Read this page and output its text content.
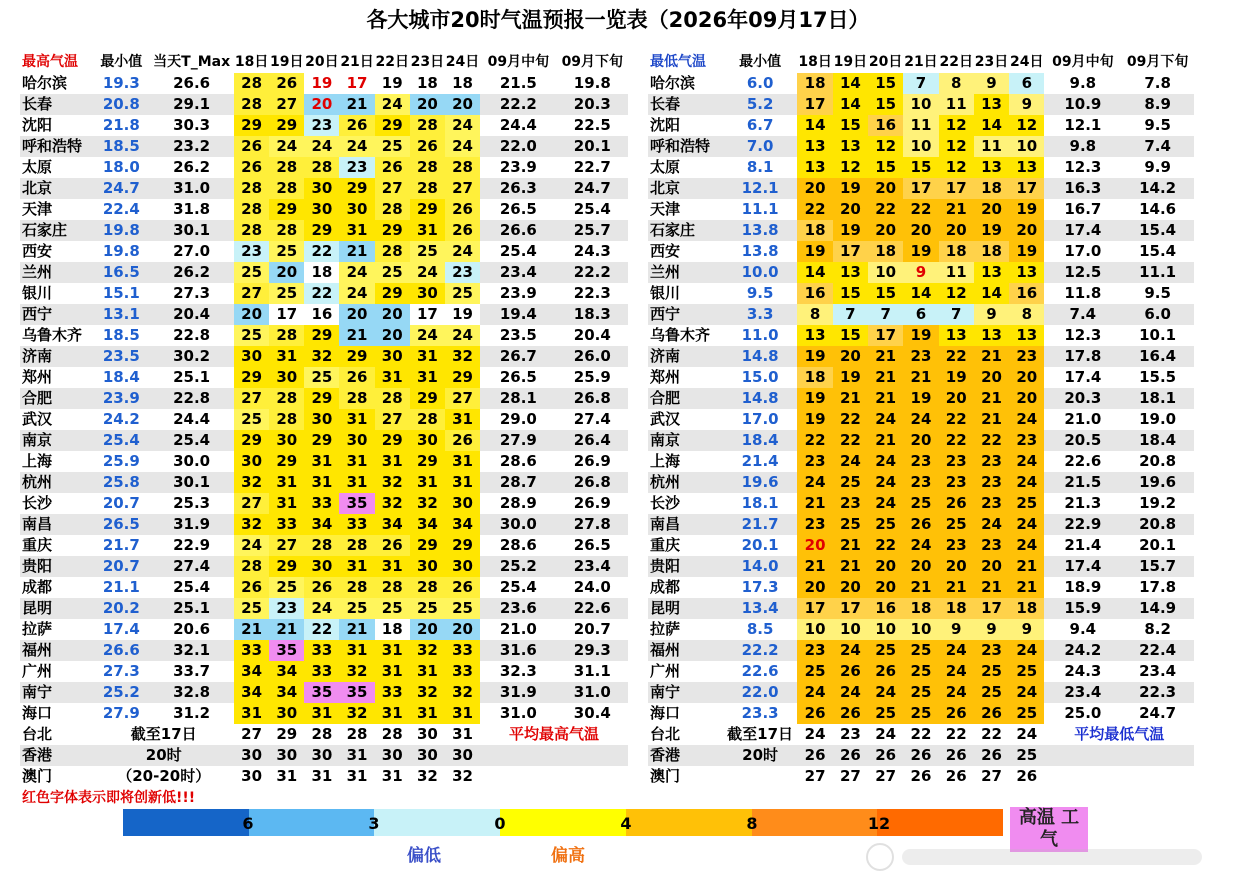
各大城市20时气温预报一览表（2026年09月17日）
最高气温	最小值	当天T_Max	18日	19日	20日	21日	22日	23日	24日	09月中旬	09月下旬
哈尔滨	19.3	26.6	28	26	19	17	19	18	18	21.5	19.8
长春	20.8	29.1	28	27	20	21	24	20	20	22.2	20.3
沈阳	21.8	30.3	29	29	23	26	29	28	24	24.4	22.5
呼和浩特	18.5	23.2	26	24	24	24	25	26	24	22.0	20.1
太原	18.0	26.2	26	28	28	23	26	28	28	23.9	22.7
北京	24.7	31.0	28	28	30	29	27	28	27	26.3	24.7
天津	22.4	31.8	28	29	30	30	28	29	26	26.5	25.4
石家庄	19.8	30.1	28	28	29	31	29	31	26	26.6	25.7
西安	19.8	27.0	23	25	22	21	28	25	24	25.4	24.3
兰州	16.5	26.2	25	20	18	24	25	24	23	23.4	22.2
银川	15.1	27.3	27	25	22	24	29	30	25	23.9	22.3
西宁	13.1	20.4	20	17	16	20	20	17	19	19.4	18.3
乌鲁木齐	18.5	22.8	25	28	29	21	20	24	24	23.5	20.4
济南	23.5	30.2	30	31	32	29	30	31	32	26.7	26.0
郑州	18.4	25.1	29	30	25	26	31	31	29	26.5	25.9
合肥	23.9	22.8	27	28	29	28	28	29	27	28.1	26.8
武汉	24.2	24.4	25	28	30	31	27	28	31	29.0	27.4
南京	25.4	25.4	29	30	29	30	29	30	26	27.9	26.4
上海	25.9	30.0	30	29	31	31	31	29	31	28.6	26.9
杭州	25.8	30.1	32	31	31	31	32	31	31	28.7	26.8
长沙	20.7	25.3	27	31	33	35	32	32	30	28.9	26.9
南昌	26.5	31.9	32	33	34	33	34	34	34	30.0	27.8
重庆	21.7	22.9	24	27	28	28	26	29	29	28.6	26.5
贵阳	20.7	27.4	28	29	30	31	31	30	30	25.2	23.4
成都	21.1	25.4	26	25	26	28	28	28	26	25.4	24.0
昆明	20.2	25.1	25	23	24	25	25	25	25	23.6	22.6
拉萨	17.4	20.6	21	21	22	21	18	20	20	21.0	20.7
福州	26.6	32.1	33	35	33	31	31	32	33	31.6	29.3
广州	27.3	33.7	34	34	33	32	31	31	33	32.3	31.1
南宁	25.2	32.8	34	34	35	35	33	32	32	31.9	31.0
海口	27.9	31.2	31	30	31	32	31	31	31	31.0	30.4
台北	截至17日		27	29	28	28	28	30	31	平均最高气温	
香港	20时		30	30	30	31	30	30	30		
澳门	（20-20时）		30	31	31	31	31	32	32		
最低气温	最小值		18日	19日	20日	21日	22日	23日	24日	09月中旬	09月下旬
哈尔滨	6.0		18	14	15	7	8	9	6	9.8	7.8
长春	5.2		17	14	15	10	11	13	9	10.9	8.9
沈阳	6.7		14	15	16	11	12	14	12	12.1	9.5
呼和浩特	7.0		13	13	12	10	12	11	10	9.8	7.4
太原	8.1		13	12	15	15	12	13	13	12.3	9.9
北京	12.1		20	19	20	17	17	18	17	16.3	14.2
天津	11.1		22	20	22	22	21	20	19	16.7	14.6
石家庄	13.8		18	19	20	20	20	19	20	17.4	15.4
西安	13.8		19	17	18	19	18	18	19	17.0	15.4
兰州	10.0		14	13	10	9	11	13	13	12.5	11.1
银川	9.5		16	15	15	14	12	14	16	11.8	9.5
西宁	3.3		8	7	7	6	7	9	8	7.4	6.0
乌鲁木齐	11.0		13	15	17	19	13	13	13	12.3	10.1
济南	14.8		19	20	21	23	22	21	23	17.8	16.4
郑州	15.0		18	19	21	21	19	20	20	17.4	15.5
合肥	14.8		19	21	21	19	20	21	20	20.3	18.1
武汉	17.0		19	22	24	24	22	21	24	21.0	19.0
南京	18.4		22	22	21	20	22	22	23	20.5	18.4
上海	21.4		23	24	24	23	23	23	24	22.6	20.8
杭州	19.6		24	25	24	23	23	23	24	21.5	19.6
长沙	18.1		21	23	24	25	26	23	25	21.3	19.2
南昌	21.7		23	25	25	26	25	24	24	22.9	20.8
重庆	20.1		20	21	22	24	23	23	24	21.4	20.1
贵阳	14.0		21	21	20	20	20	20	21	17.4	15.7
成都	17.3		20	20	20	21	21	21	21	18.9	17.8
昆明	13.4		17	17	16	18	18	17	18	15.9	14.9
拉萨	8.5		10	10	10	10	9	9	9	9.4	8.2
福州	22.2		23	24	25	25	24	23	24	24.2	22.4
广州	22.6		25	26	26	25	24	25	25	24.3	23.4
南宁	22.0		24	24	24	25	24	25	24	23.4	22.3
海口	23.3		26	26	25	25	26	26	25	25.0	24.7
台北	截至17日	24	23	24	22	22	22	24	平均最低气温	
香港	20时	26	26	26	26	26	26	25		
澳门		27	27	27	26	26	27	26		
红色字体表示即将创新低!!!
6	3	0	4	8	12
偏低	偏高
高温 工气
